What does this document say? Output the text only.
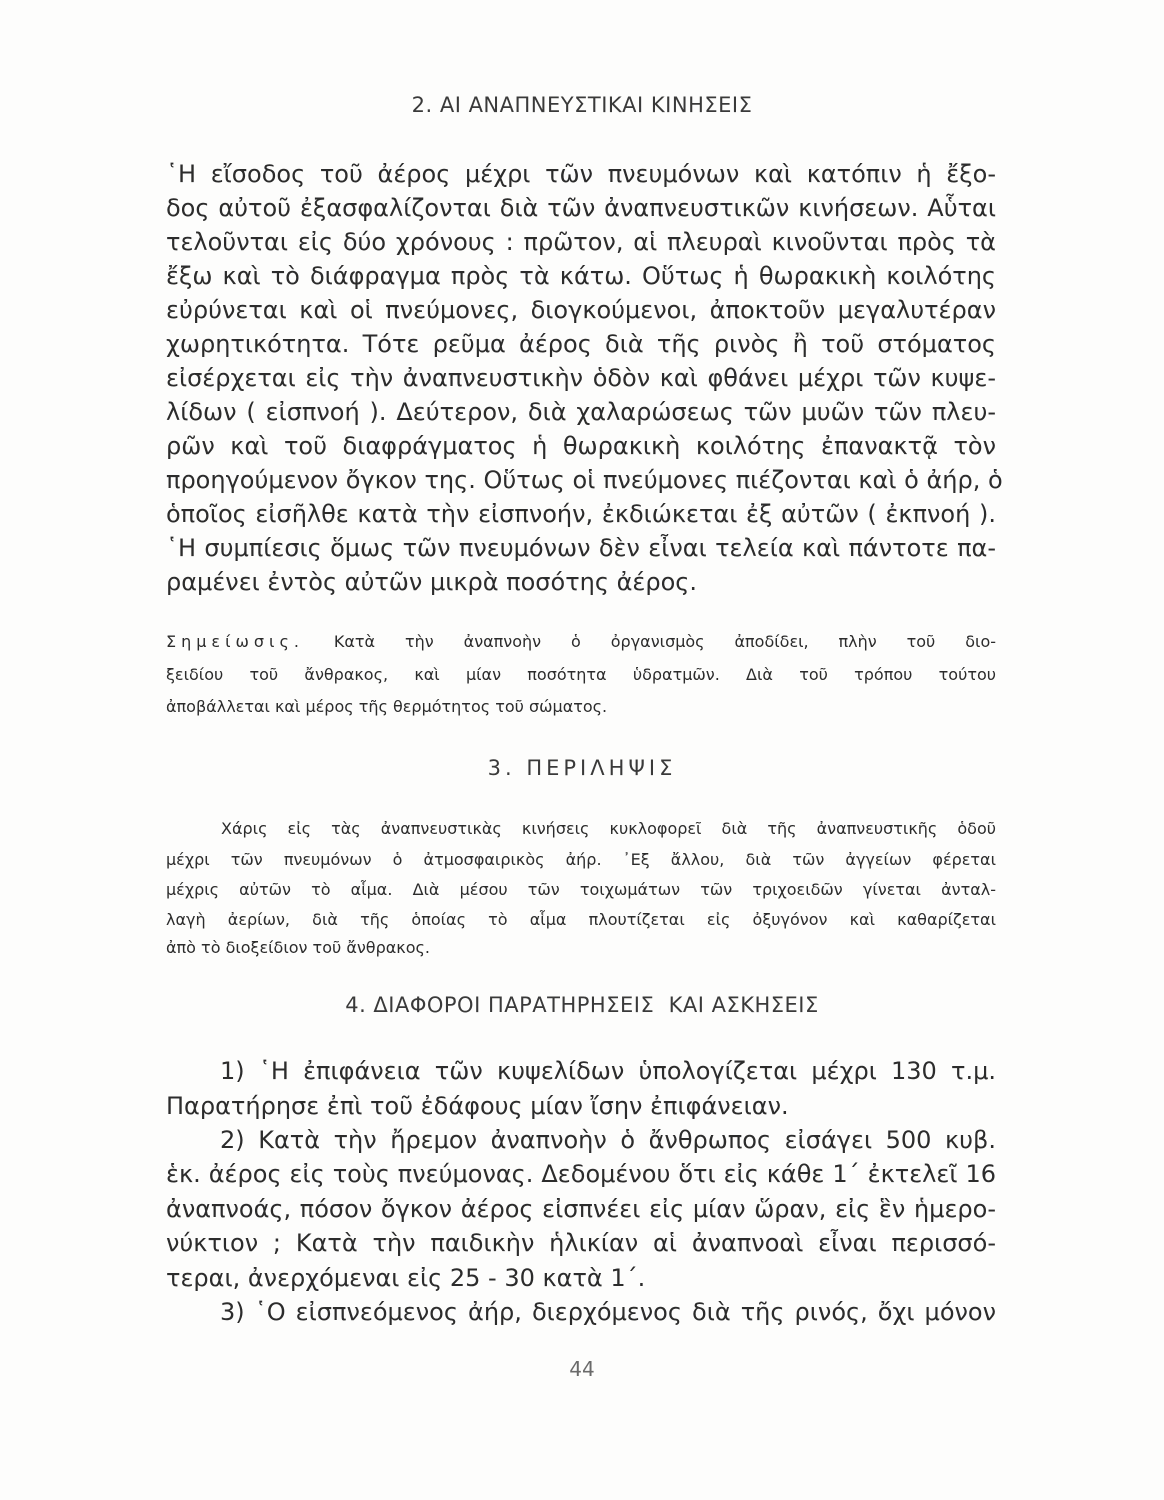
2. ΑΙ ΑΝΑΠΝΕΥΣΤΙΚΑΙ ΚΙΝΗΣΕΙΣ

῾Η εἴσοδος τοῦ ἀέρος μέχρι τῶν πνευμόνων καὶ κατόπιν ἡ ἔξο-

δος αὐτοῦ ἐξασφαλίζονται διὰ τῶν ἀναπνευστικῶν κινήσεων. Αὗται

τελοῦνται εἰς δύο χρόνους : πρῶτον, αἱ πλευραὶ κινοῦνται πρὸς τὰ

ἔξω καὶ τὸ διάφραγμα πρὸς τὰ κάτω. Οὕτως ἡ θωρακικὴ κοιλότης

εὐρύνεται καὶ οἱ πνεύμονες, διογκούμενοι, ἀποκτοῦν μεγαλυτέραν

χωρητικότητα. Τότε ρεῦμα ἀέρος διὰ τῆς ρινὸς ἢ τοῦ στόματος

εἰσέρχεται εἰς τὴν ἀναπνευστικὴν ὁδὸν καὶ φθάνει μέχρι τῶν κυψε-

λίδων ( εἰσπνοή ). Δεύτερον, διὰ χαλαρώσεως τῶν μυῶν τῶν πλευ-

ρῶν καὶ τοῦ διαφράγματος ἡ θωρακικὴ κοιλότης ἐπανακτᾷ τὸν

προηγούμενον ὄγκον της. Οὕτως οἱ πνεύμονες πιέζονται καὶ ὁ ἀήρ, ὁ

ὁποῖος εἰσῆλθε κατὰ τὴν εἰσπνοήν, ἐκδιώκεται ἐξ αὐτῶν ( ἐκπνοή ).

῾Η συμπίεσις ὅμως τῶν πνευμόνων δὲν εἶναι τελεία καὶ πάντοτε πα-

ραμένει ἐντὸς αὐτῶν μικρὰ ποσότης ἀέρος.

Σημείωσις. Κατὰ τὴν ἀναπνοὴν ὁ ὀργανισμὸς ἀποδίδει, πλὴν τοῦ διο-

ξειδίου τοῦ ἄνθρακος, καὶ μίαν ποσότητα ὑδρατμῶν. Διὰ τοῦ τρόπου τούτου

ἀποβάλλεται καὶ μέρος τῆς θερμότητος τοῦ σώματος.

3. ΠΕΡΙΛΗΨΙΣ

Χάρις εἰς τὰς ἀναπνευστικὰς κινήσεις κυκλοφορεῖ διὰ τῆς ἀναπνευστικῆς ὁδοῦ

μέχρι τῶν πνευμόνων ὁ ἀτμοσφαιρικὸς ἀήρ. ᾿Εξ ἄλλου, διὰ τῶν ἀγγείων φέρεται

μέχρις αὐτῶν τὸ αἷμα. Διὰ μέσου τῶν τοιχωμάτων τῶν τριχοειδῶν γίνεται ἀνταλ-

λαγὴ ἀερίων, διὰ τῆς ὁποίας τὸ αἷμα πλουτίζεται εἰς ὀξυγόνον καὶ καθαρίζεται

ἀπὸ τὸ διοξείδιον τοῦ ἄνθρακος.

4. ΔΙΑΦΟΡΟΙ ΠΑΡΑΤΗΡΗΣΕΙΣ  ΚΑΙ ΑΣΚΗΣΕΙΣ

1) ῾Η ἐπιφάνεια τῶν κυψελίδων ὑπολογίζεται μέχρι 130 τ.μ.

Παρατήρησε ἐπὶ τοῦ ἐδάφους μίαν ἴσην ἐπιφάνειαν.

2) Κατὰ τὴν ἤρεμον ἀναπνοὴν ὁ ἄνθρωπος εἰσάγει 500 κυβ.

ἑκ. ἀέρος εἰς τοὺς πνεύμονας. Δεδομένου ὅτι εἰς κάθε 1΄ ἐκτελεῖ 16

ἀναπνοάς, πόσον ὄγκον ἀέρος εἰσπνέει εἰς μίαν ὥραν, εἰς ἓν ἡμερο-

νύκτιον ; Κατὰ τὴν παιδικὴν ἡλικίαν αἱ ἀναπνοαὶ εἶναι περισσό-

τεραι, ἀνερχόμεναι εἰς 25 - 30 κατὰ 1΄.

3) ῾Ο εἰσπνεόμενος ἀήρ, διερχόμενος διὰ τῆς ρινός, ὄχι μόνον

44
